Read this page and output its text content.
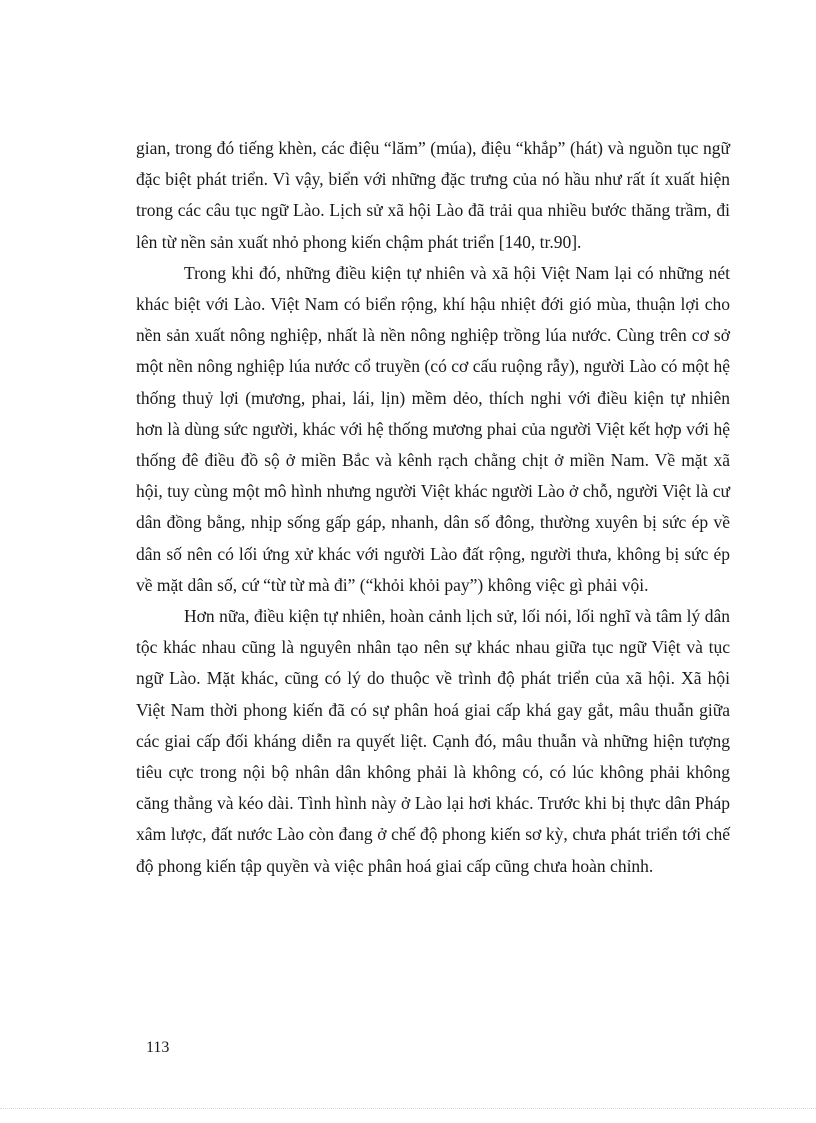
gian, trong đó tiếng khèn, các điệu “lăm” (múa), điệu “khắp” (hát) và nguồn tục ngữ đặc biệt phát triển. Vì vậy, biển với những đặc trưng của nó hầu như rất ít xuất hiện trong các câu tục ngữ Lào. Lịch sử xã hội Lào đã trải qua nhiều bước thăng trầm, đi lên từ nền sản xuất nhỏ phong kiến chậm phát triển [140, tr.90].

Trong khi đó, những điều kiện tự nhiên và xã hội Việt Nam lại có những nét khác biệt với Lào. Việt Nam có biển rộng, khí hậu nhiệt đới gió mùa, thuận lợi cho nền sản xuất nông nghiệp, nhất là nền nông nghiệp trồng lúa nước. Cùng trên cơ sở một nền nông nghiệp lúa nước cổ truyền (có cơ cấu ruộng rẫy), người Lào có một hệ thống thuỷ lợi (mương, phai, lái, lịn) mềm dẻo, thích nghi với điều kiện tự nhiên hơn là dùng sức người, khác với hệ thống mương phai của người Việt kết hợp với hệ thống đê điều đồ sộ ở miền Bắc và kênh rạch chằng chịt ở miền Nam. Về mặt xã hội, tuy cùng một mô hình nhưng người Việt khác người Lào ở chỗ, người Việt là cư dân đồng bằng, nhịp sống gấp gáp, nhanh, dân số đông, thường xuyên bị sức ép về dân số nên có lối ứng xử khác với người Lào đất rộng, người thưa, không bị sức ép về mặt dân số, cứ “từ từ mà đi” (“khỏi khỏi pay”) không việc gì phải vội.

Hơn nữa, điều kiện tự nhiên, hoàn cảnh lịch sử, lối nói, lối nghĩ và tâm lý dân tộc khác nhau cũng là nguyên nhân tạo nên sự khác nhau giữa tục ngữ Việt và tục ngữ Lào. Mặt khác, cũng có lý do thuộc về trình độ phát triển của xã hội. Xã hội Việt Nam thời phong kiến đã có sự phân hoá giai cấp khá gay gắt, mâu thuẫn giữa các giai cấp đối kháng diễn ra quyết liệt. Cạnh đó, mâu thuẫn và những hiện tượng tiêu cực trong nội bộ nhân dân không phải là không có, có lúc không phải không căng thẳng và kéo dài. Tình hình này ở Lào lại hơi khác. Trước khi bị thực dân Pháp xâm lược, đất nước Lào còn đang ở chế độ phong kiến sơ kỳ, chưa phát triển tới chế độ phong kiến tập quyền và việc phân hoá giai cấp cũng chưa hoàn chỉnh.

113
